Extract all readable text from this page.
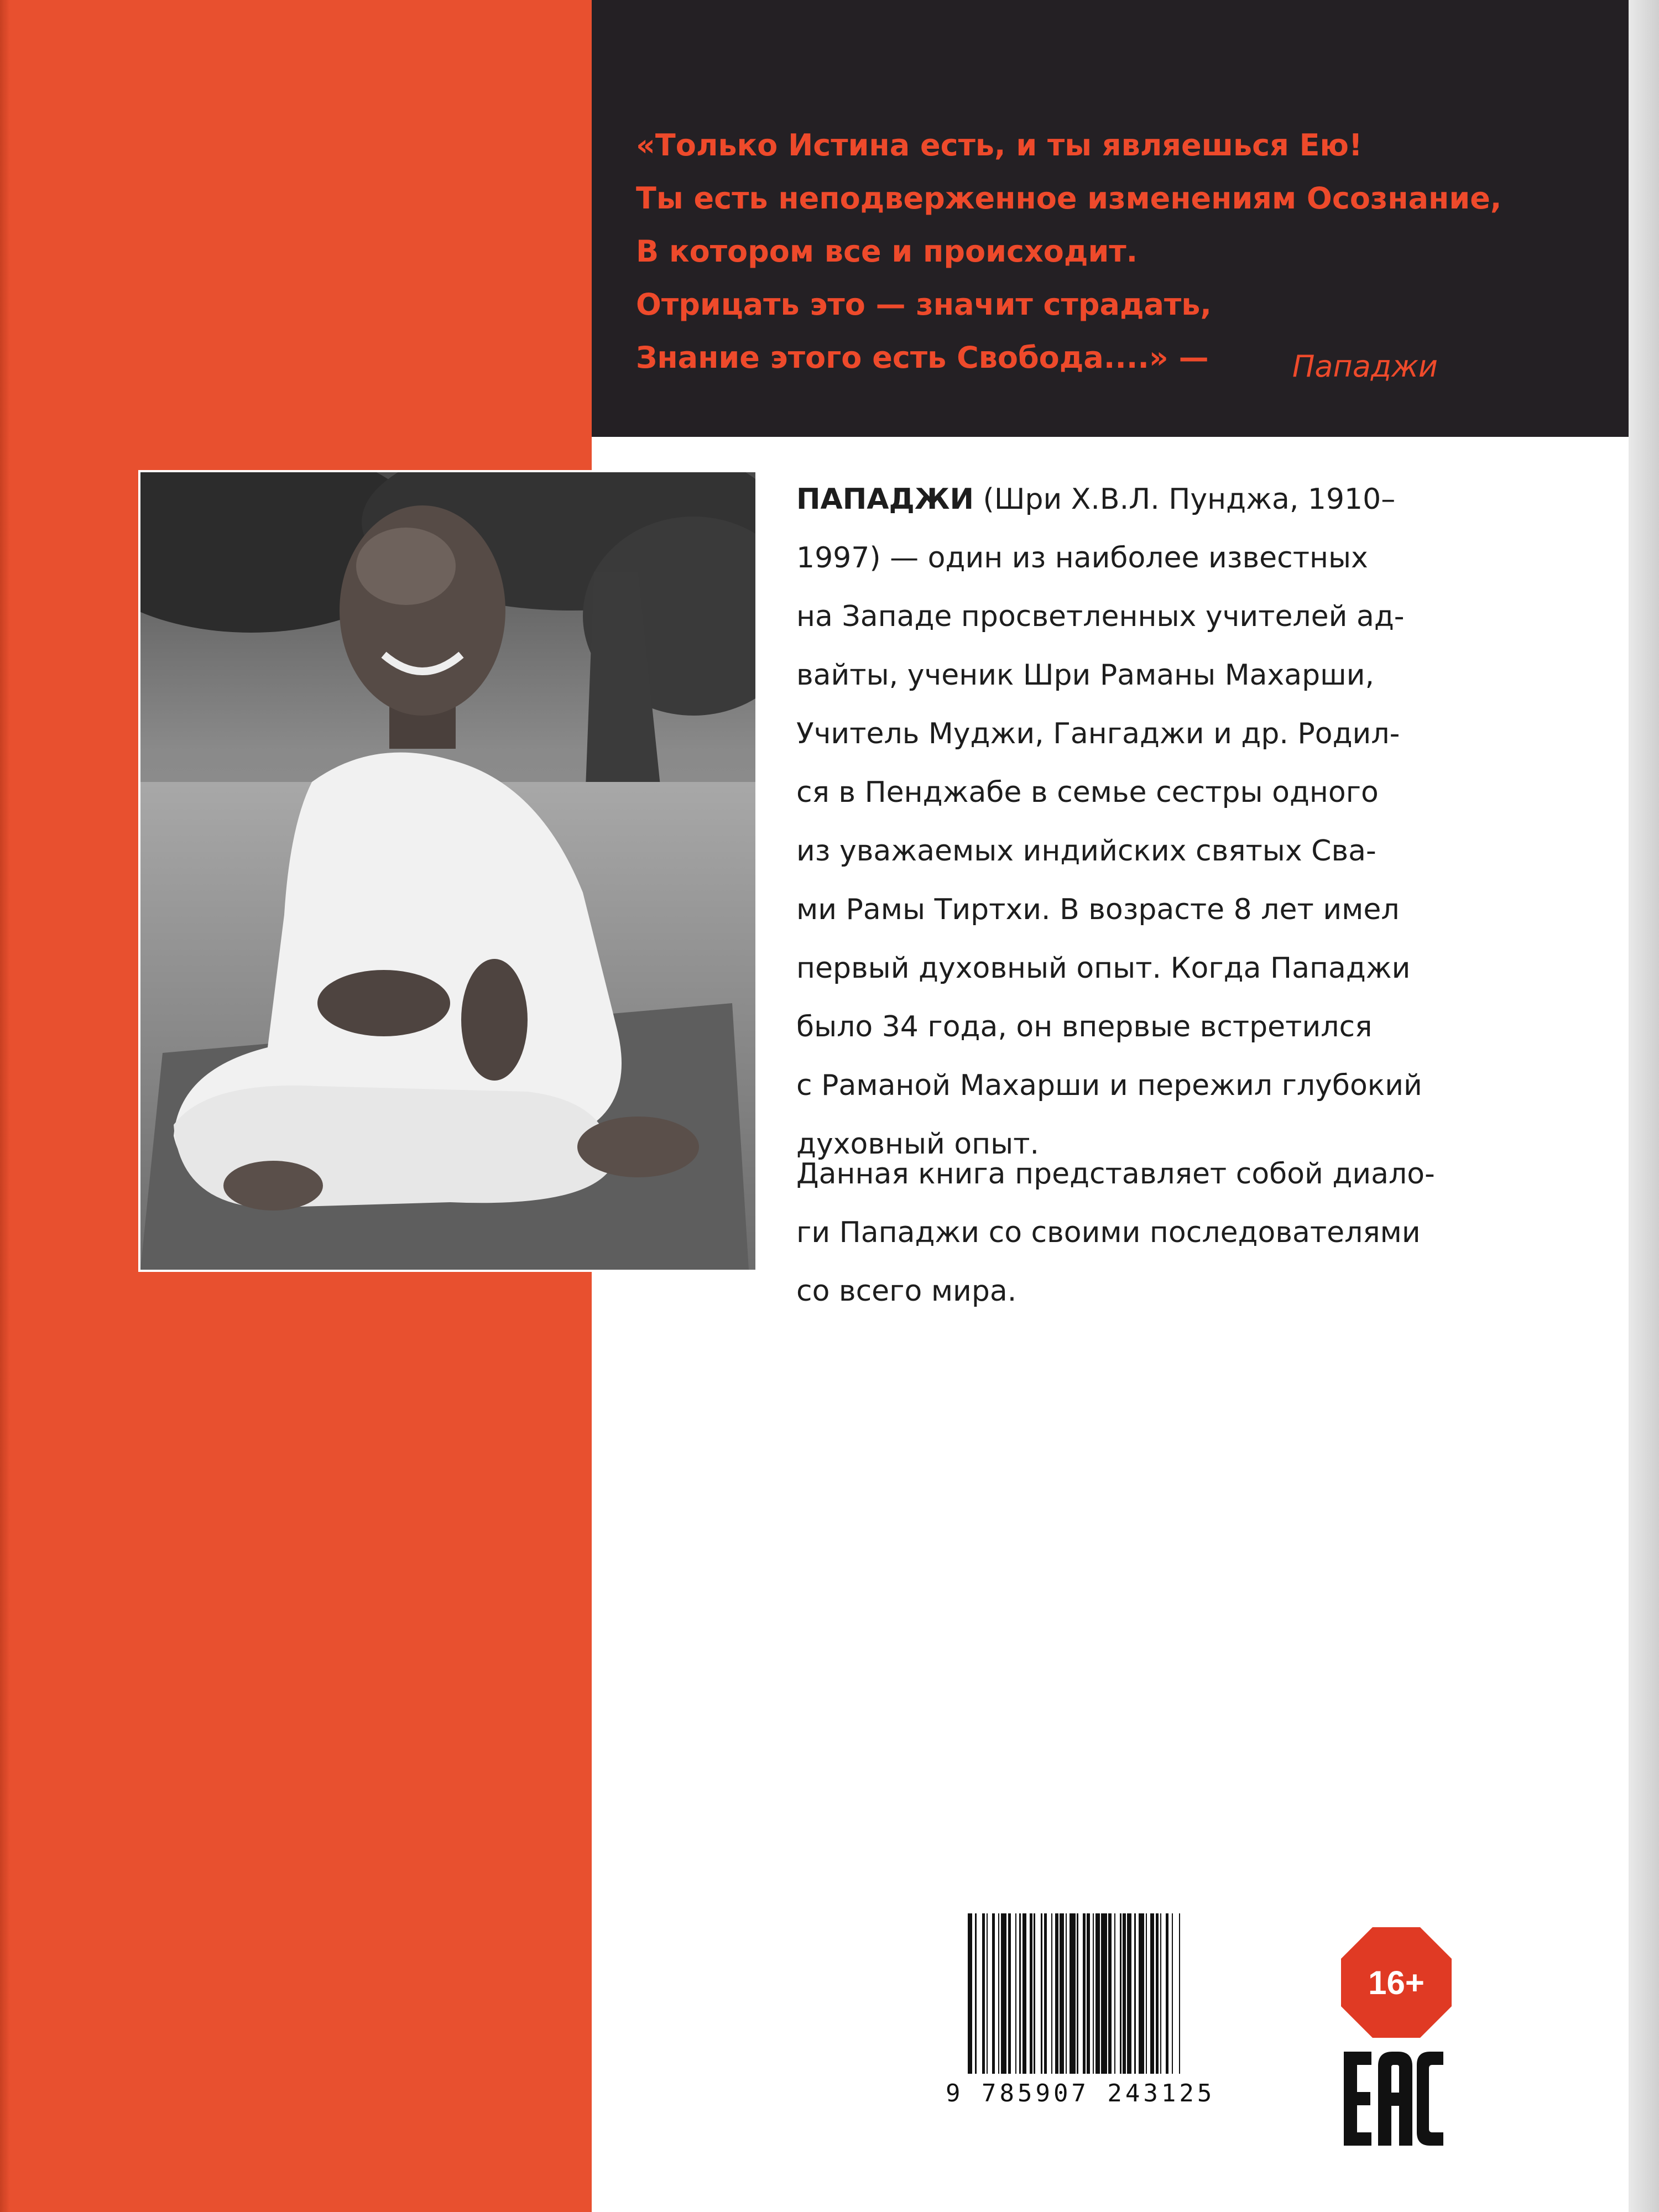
«Только Истина есть, и ты являешься Ею!
Ты есть неподверженное изменениям Осознание,
В котором все и происходит.
Отрицать это — значит страдать,
Знание этого есть Свобода....» —	Пападжи
ПАПАДЖИ (Шри Х.В.Л. Пунджа, 1910–
1997) — один из наиболее известных
на Западе просветленных учителей ад-
вайты, ученик Шри Раманы Махарши,
Учитель Муджи, Гангаджи и др. Родил-
ся в Пенджабе в семье сестры одного
из уважаемых индийских святых Сва-
ми Рамы Тиртхи. В возрасте 8 лет имел
первый духовный опыт. Когда Пападжи
было 34 года, он впервые встретился
с Раманой Махарши и пережил глубокий
духовный опыт.
Данная книга представляет собой диало-
ги Пападжи со своими последователями
со всего мира.
9 785907 243125
16+
